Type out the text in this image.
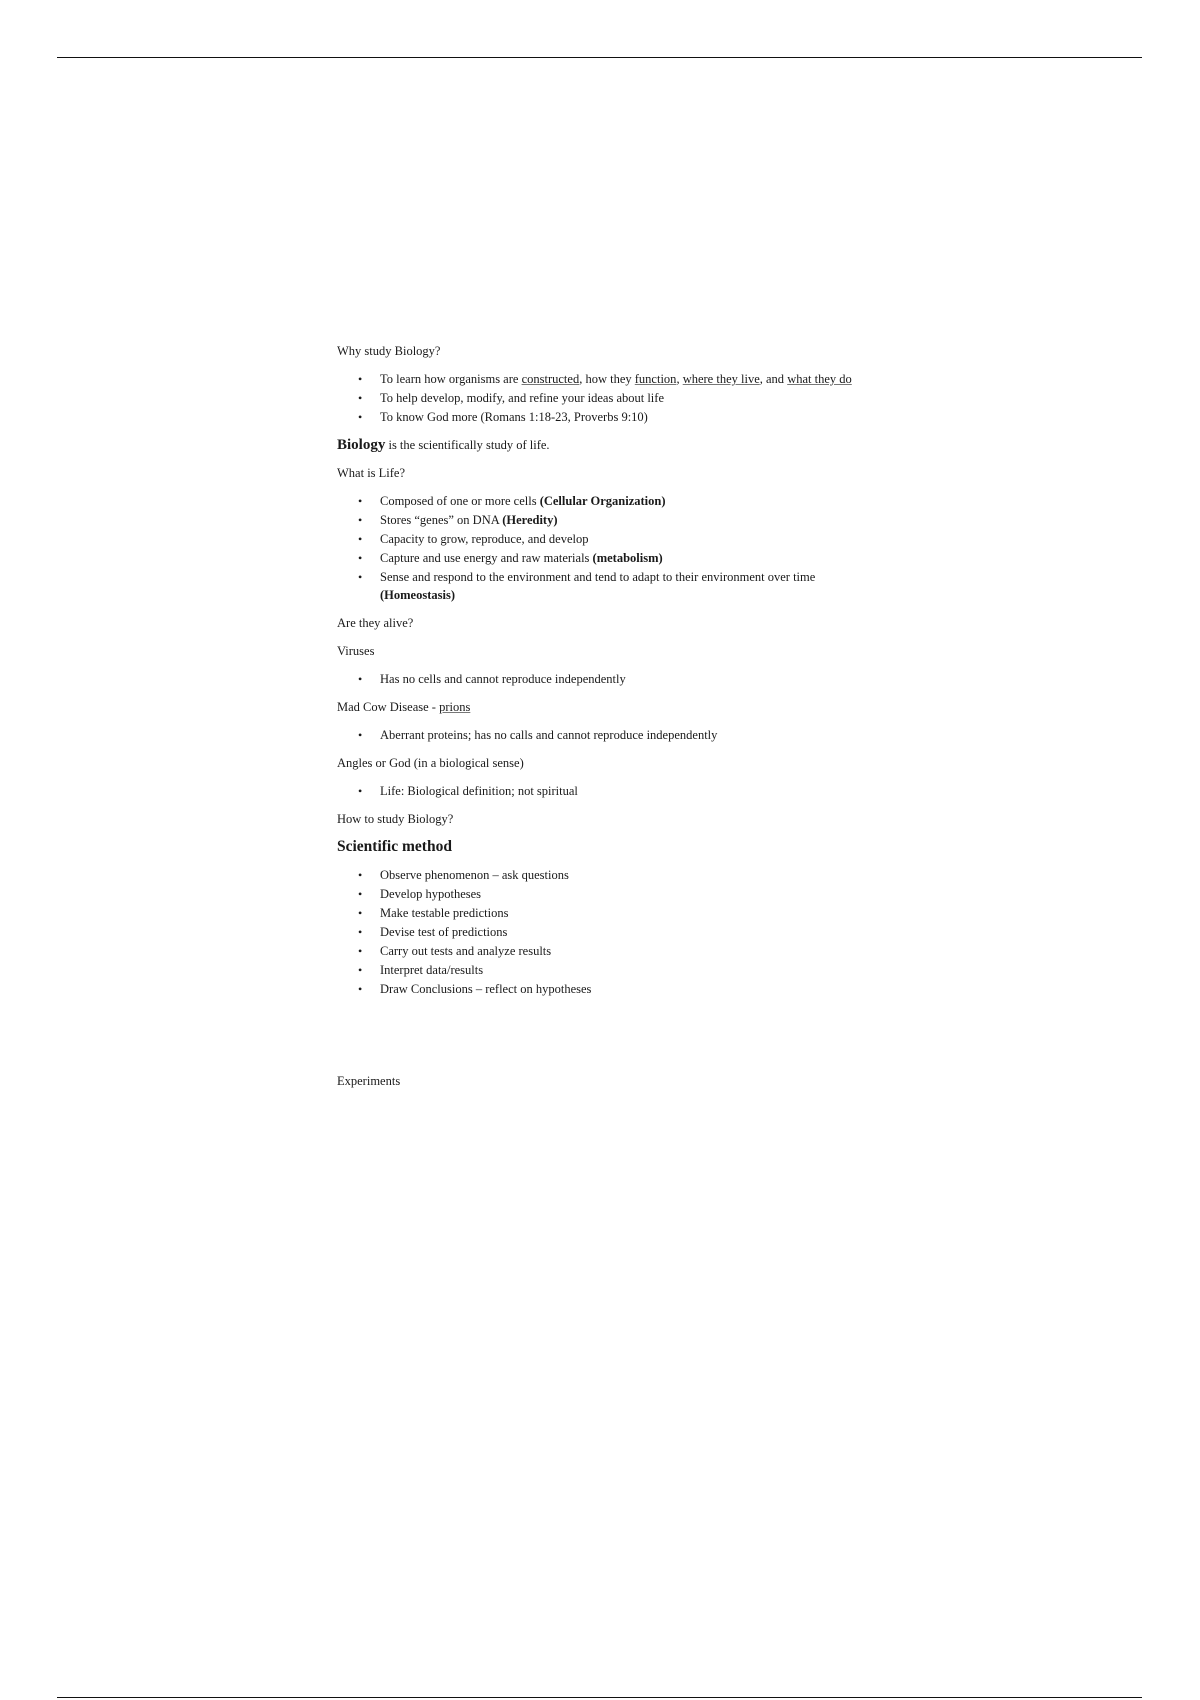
Why study Biology?

• To learn how organisms are constructed, how they function, where they live, and what they do
• To help develop, modify, and refine your ideas about life
• To know God more (Romans 1:18-23, Proverbs 9:10)

Biology is the scientifically study of life.

What is Life?

• Composed of one or more cells (Cellular Organization)
• Stores “genes” on DNA (Heredity)
• Capacity to grow, reproduce, and develop
• Capture and use energy and raw materials (metabolism)
• Sense and respond to the environment and tend to adapt to their environment over time (Homeostasis)

Are they alive?

Viruses

• Has no cells and cannot reproduce independently

Mad Cow Disease - prions

• Aberrant proteins; has no calls and cannot reproduce independently

Angles or God (in a biological sense)

• Life: Biological definition; not spiritual

How to study Biology?

Scientific method

• Observe phenomenon – ask questions
• Develop hypotheses
• Make testable predictions
• Devise test of predictions
• Carry out tests and analyze results
• Interpret data/results
• Draw Conclusions – reflect on hypotheses

Experiments
